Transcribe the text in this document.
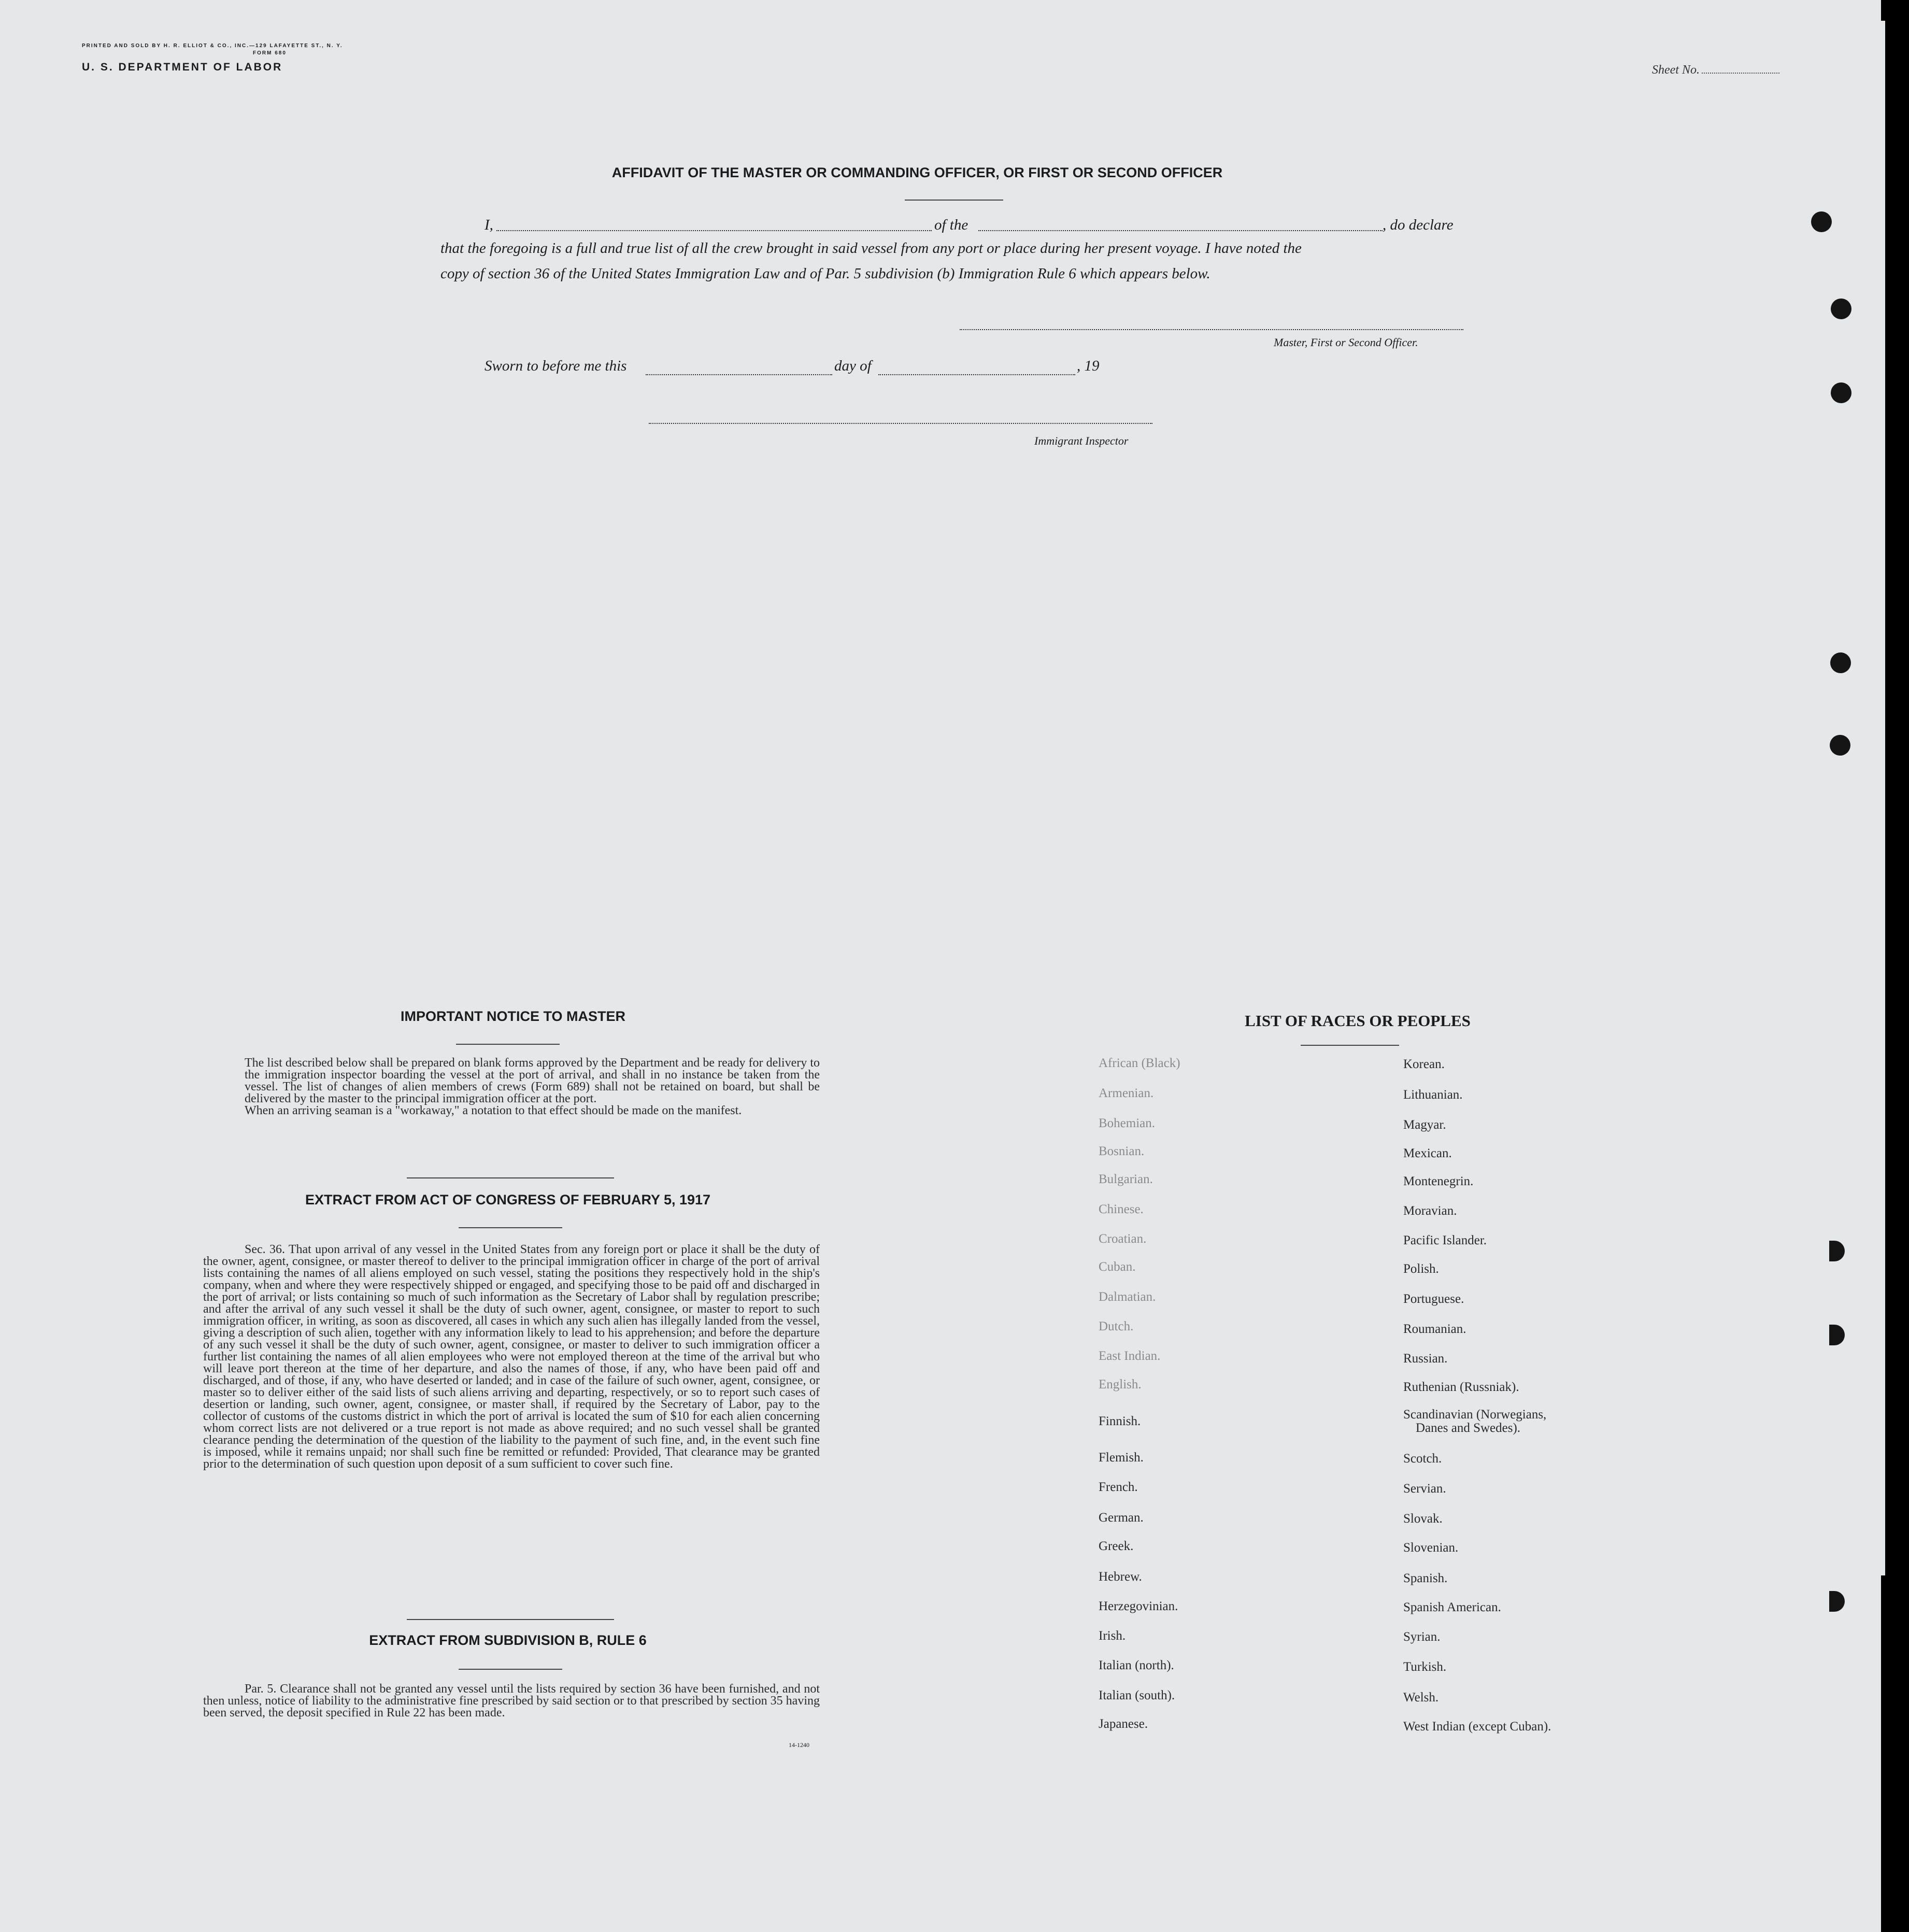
PRINTED AND SOLD BY H. R. ELLIOT & CO., INC.—129 LAFAYETTE ST., N. Y.
FORM 680
U. S. DEPARTMENT OF LABOR	Sheet No.
AFFIDAVIT OF THE MASTER OR COMMANDING OFFICER, OR FIRST OR SECOND OFFICER
I,	of the	, do declare
that the foregoing is a full and true list of all the crew brought in said vessel from any port or place during her present voyage. I have noted the
copy of section 36 of the United States Immigration Law and of Par. 5 subdivision (b) Immigration Rule 6 which appears below.
Master, First or Second Officer.
Sworn to before me this	day of	, 19
Immigrant Inspector
IMPORTANT NOTICE TO MASTER

The list described below shall be prepared on blank forms approved by the Department and be ready for delivery to the immigration inspector boarding the vessel at the port of arrival, and shall in no instance be taken from the vessel. The list of changes of alien members of crews (Form 689) shall not be retained on board, but shall be delivered by the master to the principal immigration officer at the port.

When an arriving seaman is a "workaway," a notation to that effect should be made on the manifest.

EXTRACT FROM ACT OF CONGRESS OF FEBRUARY 5, 1917
Sec. 36. That upon arrival of any vessel in the United States from any foreign port or place it shall be the duty of the owner, agent, consignee, or master thereof to deliver to the principal immigration officer in charge of the port of arrival lists containing the names of all aliens employed on such vessel, stating the positions they respectively hold in the ship's company, when and where they were respectively shipped or engaged, and specifying those to be paid off and discharged in the port of arrival; or lists containing so much of such information as the Secretary of Labor shall by regulation prescribe; and after the arrival of any such vessel it shall be the duty of such owner, agent, consignee, or master to report to such immigration officer, in writing, as soon as discovered, all cases in which any such alien has illegally landed from the vessel, giving a description of such alien, together with any information likely to lead to his apprehension; and before the departure of any such vessel it shall be the duty of such owner, agent, consignee, or master to deliver to such immigration officer a further list containing the names of all alien employees who were not employed thereon at the time of the arrival but who will leave port thereon at the time of her departure, and also the names of those, if any, who have been paid off and discharged, and of those, if any, who have deserted or landed; and in case of the failure of such owner, agent, consignee, or master so to deliver either of the said lists of such aliens arriving and departing, respectively, or so to report such cases of desertion or landing, such owner, agent, consignee, or master shall, if required by the Secretary of Labor, pay to the collector of customs of the customs district in which the port of arrival is located the sum of $10 for each alien concerning whom correct lists are not delivered or a true report is not made as above required; and no such vessel shall be granted clearance pending the determination of the question of the liability to the payment of such fine, and, in the event such fine is imposed, while it remains unpaid; nor shall such fine be remitted or refunded: Provided, That clearance may be granted prior to the determination of such question upon deposit of a sum sufficient to cover such fine.
EXTRACT FROM SUBDIVISION B, RULE 6
Par. 5. Clearance shall not be granted any vessel until the lists required by section 36 have been furnished, and not then unless, notice of liability to the administrative fine prescribed by said section or to that prescribed by section 35 having been served, the deposit specified in Rule 22 has been made.
14-1240
LIST OF RACES OR PEOPLES
African (Black)
Armenian.
Bohemian.
Bosnian.
Bulgarian.
Chinese.
Croatian.
Cuban.
Dalmatian.
Dutch.
East Indian.
English.
Finnish.
Flemish.
French.
German.
Greek.
Hebrew.
Herzegovinian.
Irish.
Italian (north).
Italian (south).
Japanese.
Korean.
Lithuanian.
Magyar.
Mexican.
Montenegrin.
Moravian.
Pacific Islander.
Polish.
Portuguese.
Roumanian.
Russian.
Ruthenian (Russniak).
Scandinavian (Norwegians,
Danes and Swedes).
Scotch.
Servian.
Slovak.
Slovenian.
Spanish.
Spanish American.
Syrian.
Turkish.
Welsh.
West Indian (except Cuban).
